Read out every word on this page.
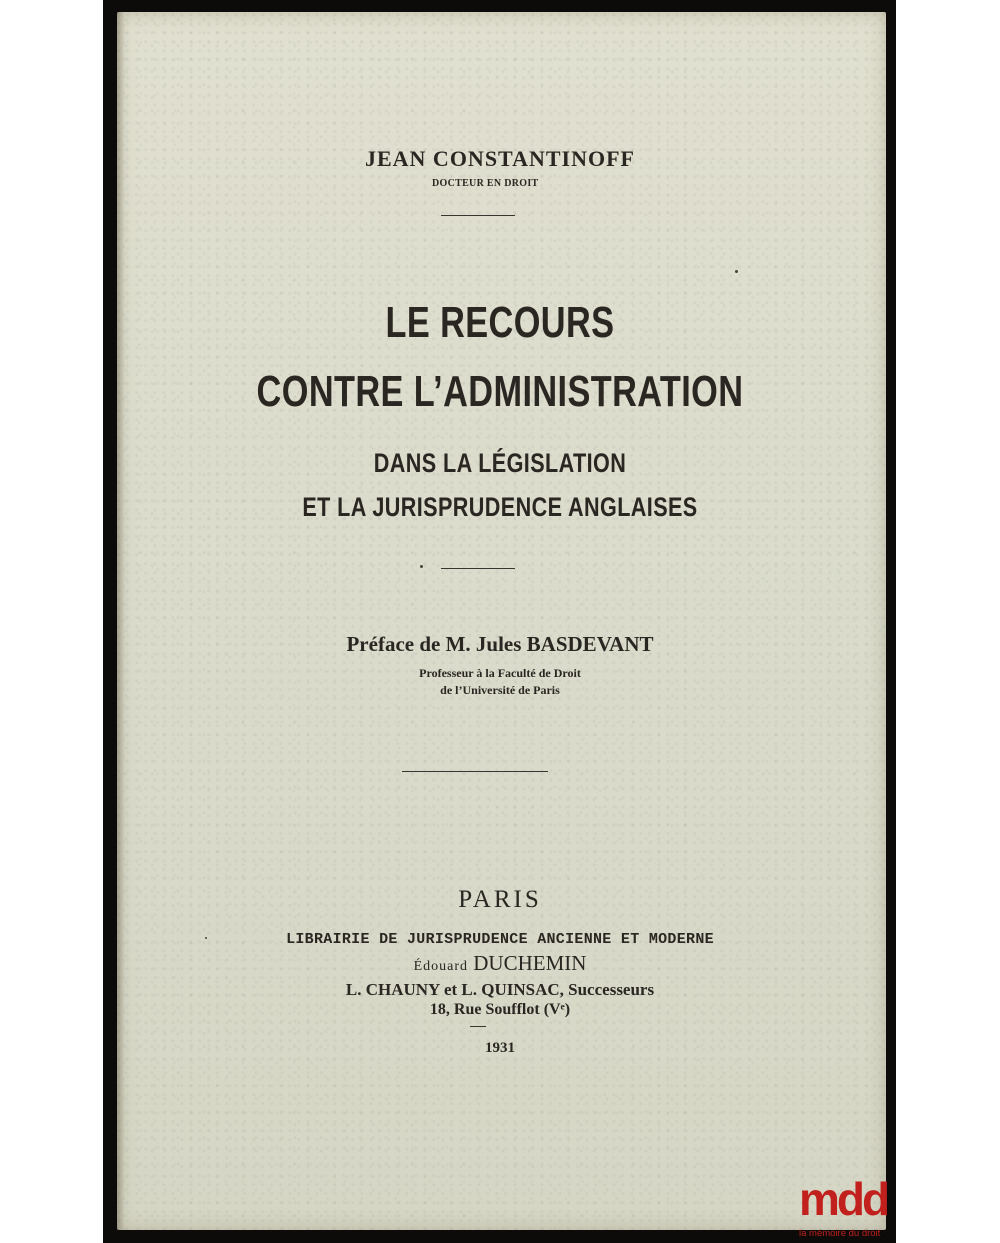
JEAN CONSTANTINOFF
DOCTEUR EN DROIT
LE RECOURS
CONTRE L’ADMINISTRATION
DANS LA LÉGISLATION
ET LA JURISPRUDENCE ANGLAISES
Préface de M. Jules BASDEVANT
Professeur à la Faculté de Droit
de l’Université de Paris
PARIS
LIBRAIRIE DE JURISPRUDENCE ANCIENNE ET MODERNE
Édouard DUCHEMIN
L. CHAUNY et L. QUINSAC, Successeurs
18, Rue Soufflot (Vᵉ)
1931
mdd
la mémoire du droit
